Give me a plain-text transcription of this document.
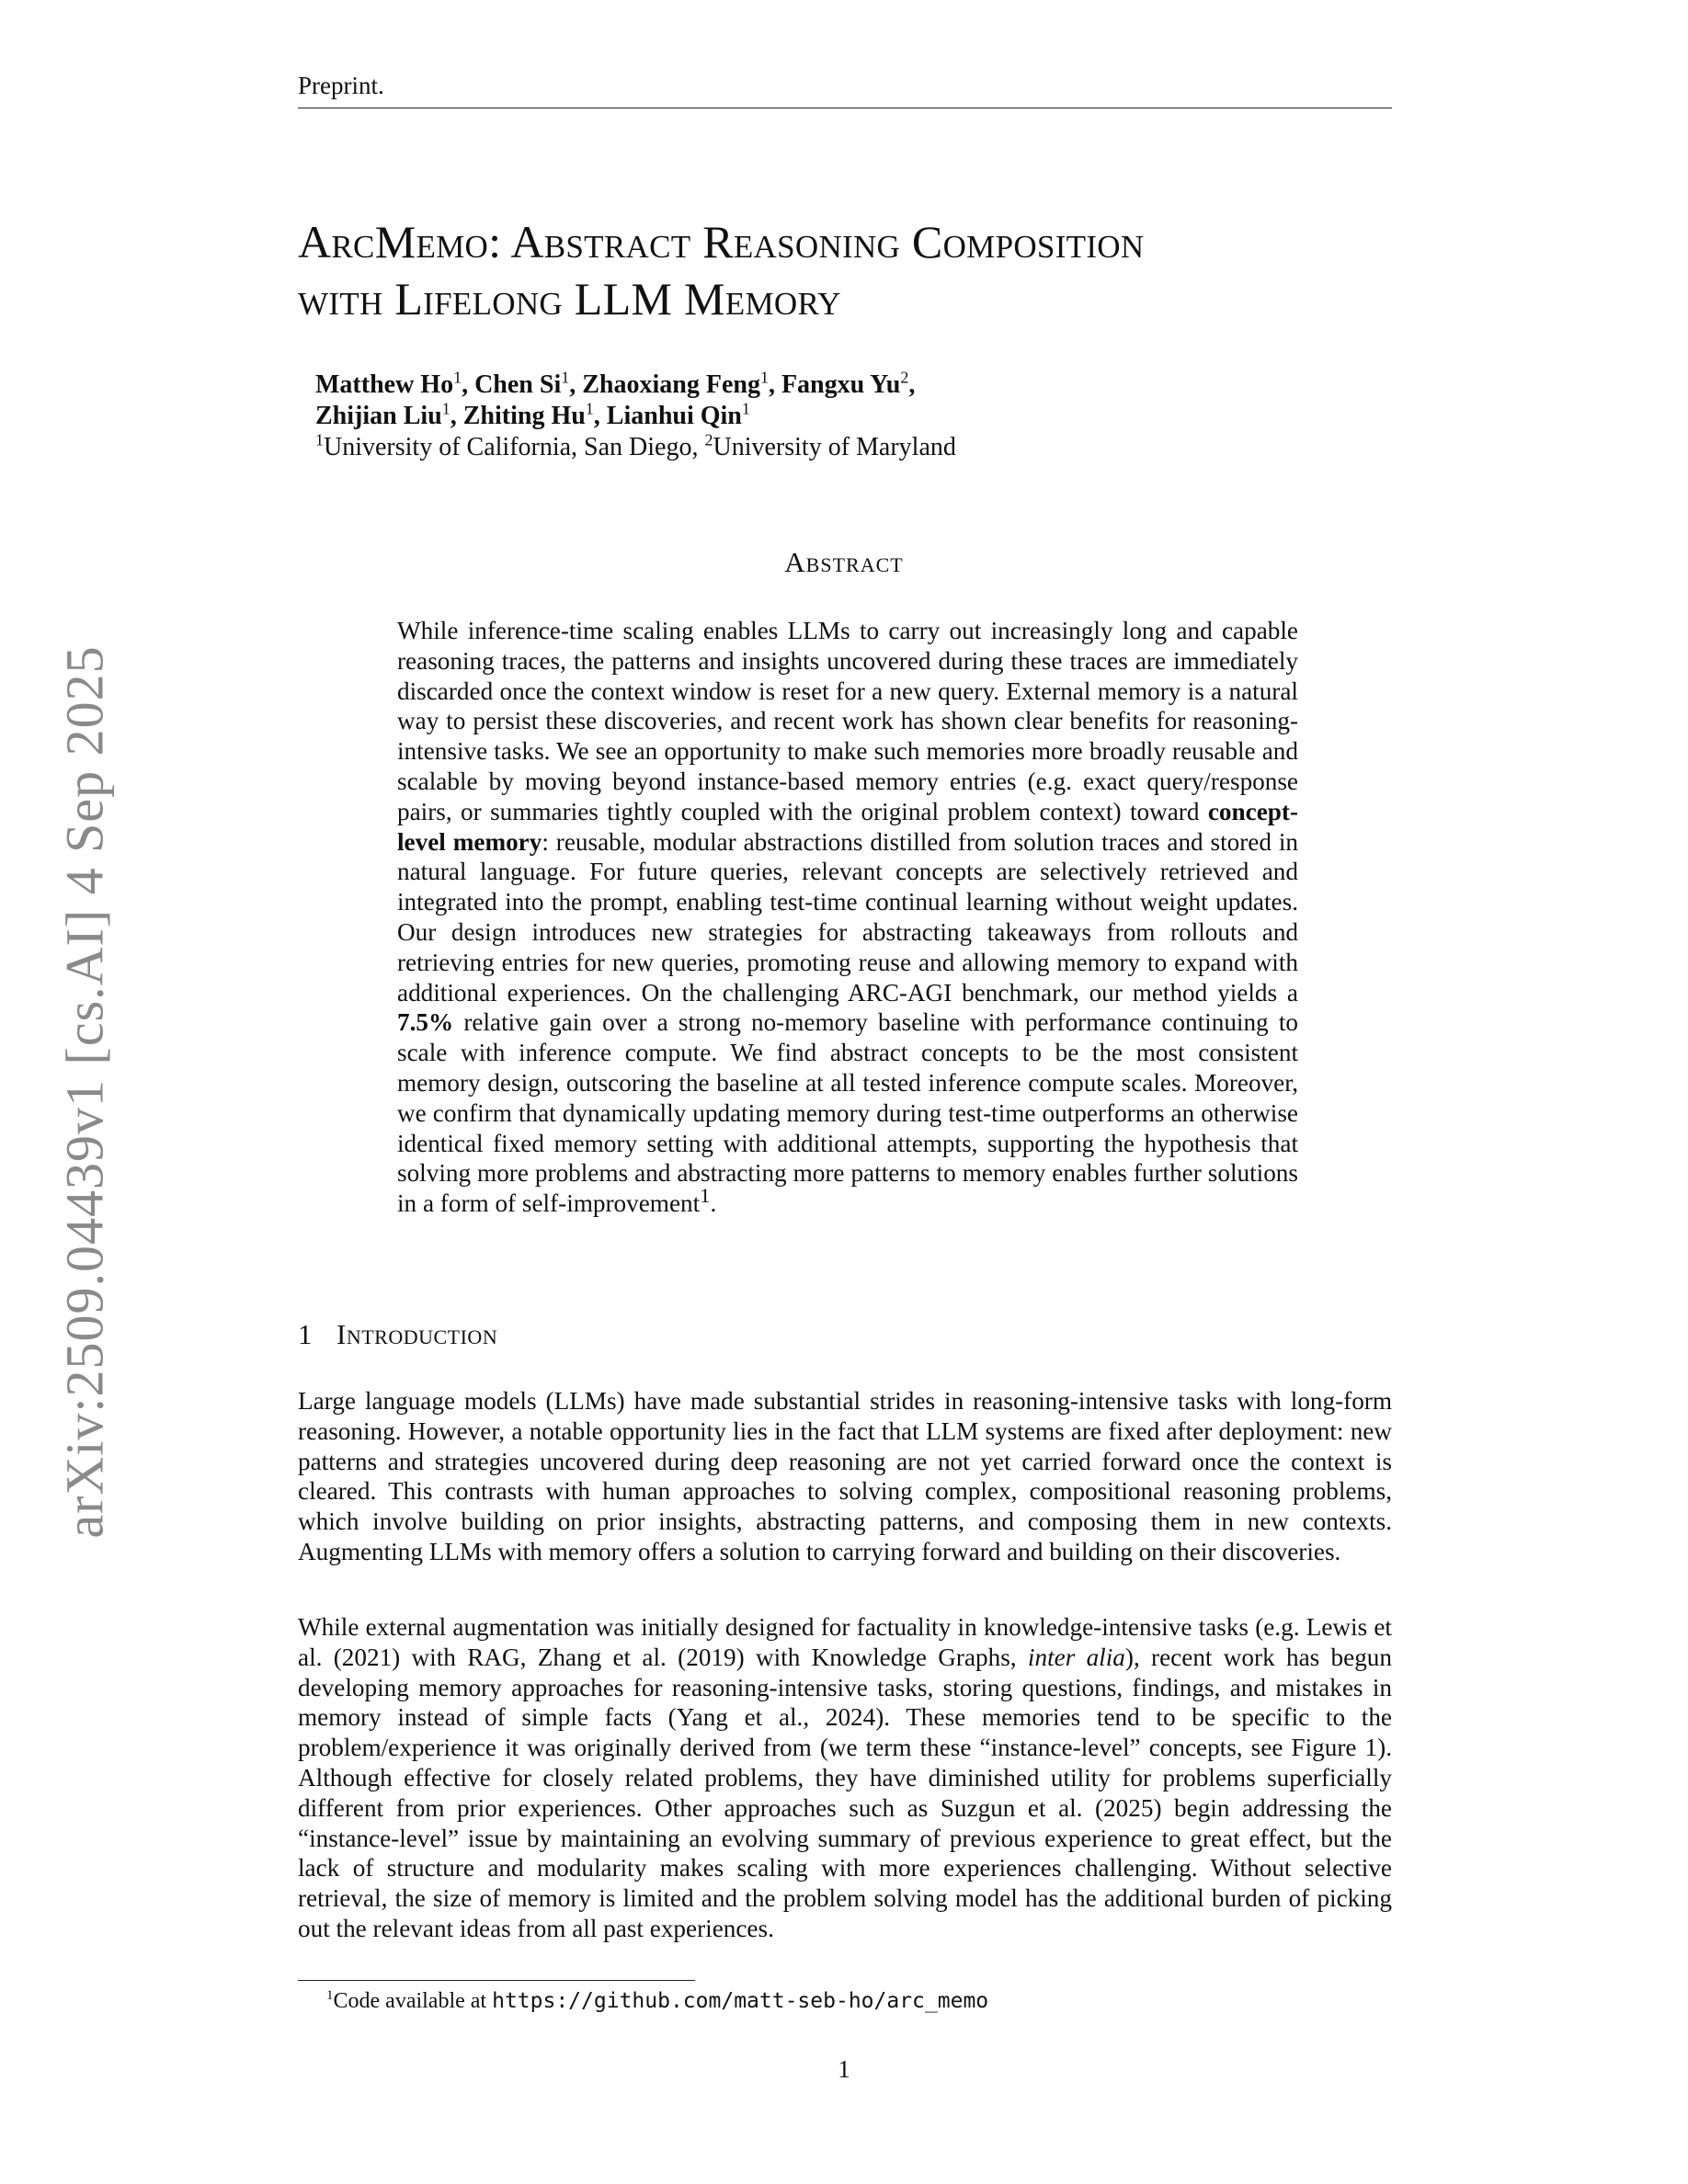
Preprint.
ArcMemo: Abstract Reasoning Composition
with Lifelong LLM Memory
Matthew Ho$^1$, Chen Si$^1$, Zhaoxiang Feng$^1$, Fangxu Yu$^2$,
Zhijian Liu$^1$, Zhiting Hu$^1$, Lianhui Qin$^1$
$^1$University of California, San Diego, $^2$University of Maryland
Abstract

While inference-time scaling enables LLMs to carry out increasingly long and capable reasoning traces, the patterns and insights uncovered during these traces are immediately discarded once the context window is reset for a new query. External memory is a natural way to persist these discoveries, and recent work has shown clear benefits for reasoning-intensive tasks. We see an opportunity to make such memories more broadly reusable and scalable by moving beyond instance-based memory entries (e.g. exact query/response pairs, or summaries tightly coupled with the original problem context) toward concept-level memory: reusable, modular abstractions distilled from solution traces and stored in natural language. For future queries, relevant concepts are selectively retrieved and integrated into the prompt, enabling test-time continual learning without weight updates. Our design introduces new strategies for abstracting takeaways from rollouts and retrieving entries for new queries, promoting reuse and allowing memory to expand with additional experiences. On the challenging ARC-AGI benchmark, our method yields a 7.5% relative gain over a strong no-memory baseline with performance continuing to scale with inference compute. We find abstract concepts to be the most consistent memory design, outscoring the baseline at all tested inference compute scales. Moreover, we confirm that dynamically updating memory during test-time outperforms an otherwise identical fixed memory setting with additional attempts, supporting the hypothesis that solving more problems and abstracting more patterns to memory enables further solutions in a form of self-improvement$^1$.

1 Introduction

Large language models (LLMs) have made substantial strides in reasoning-intensive tasks with long-form reasoning. However, a notable opportunity lies in the fact that LLM systems are fixed after deployment: new patterns and strategies uncovered during deep reasoning are not yet carried forward once the context is cleared. This contrasts with human approaches to solving complex, compositional reasoning problems, which involve building on prior insights, abstracting patterns, and composing them in new contexts. Augmenting LLMs with memory offers a solution to carrying forward and building on their discoveries.

While external augmentation was initially designed for factuality in knowledge-intensive tasks (e.g. Lewis et al. (2021) with RAG, Zhang et al. (2019) with Knowledge Graphs, inter alia), recent work has begun developing memory approaches for reasoning-intensive tasks, storing questions, findings, and mistakes in memory instead of simple facts (Yang et al., 2024). These memories tend to be specific to the problem/experience it was originally derived from (we term these “instance-level” concepts, see Figure 1). Although effective for closely related problems, they have diminished utility for problems superficially different from prior experiences. Other approaches such as Suzgun et al. (2025) begin addressing the “instance-level” issue by maintaining an evolving summary of previous experience to great effect, but the lack of structure and modularity makes scaling with more experiences challenging. Without selective retrieval, the size of memory is limited and the problem solving model has the additional burden of picking out the relevant ideas from all past experiences.

$^1$Code available at https://github.com/matt-seb-ho/arc_memo
1
arXiv:2509.04439v1 [cs.AI] 4 Sep 2025
